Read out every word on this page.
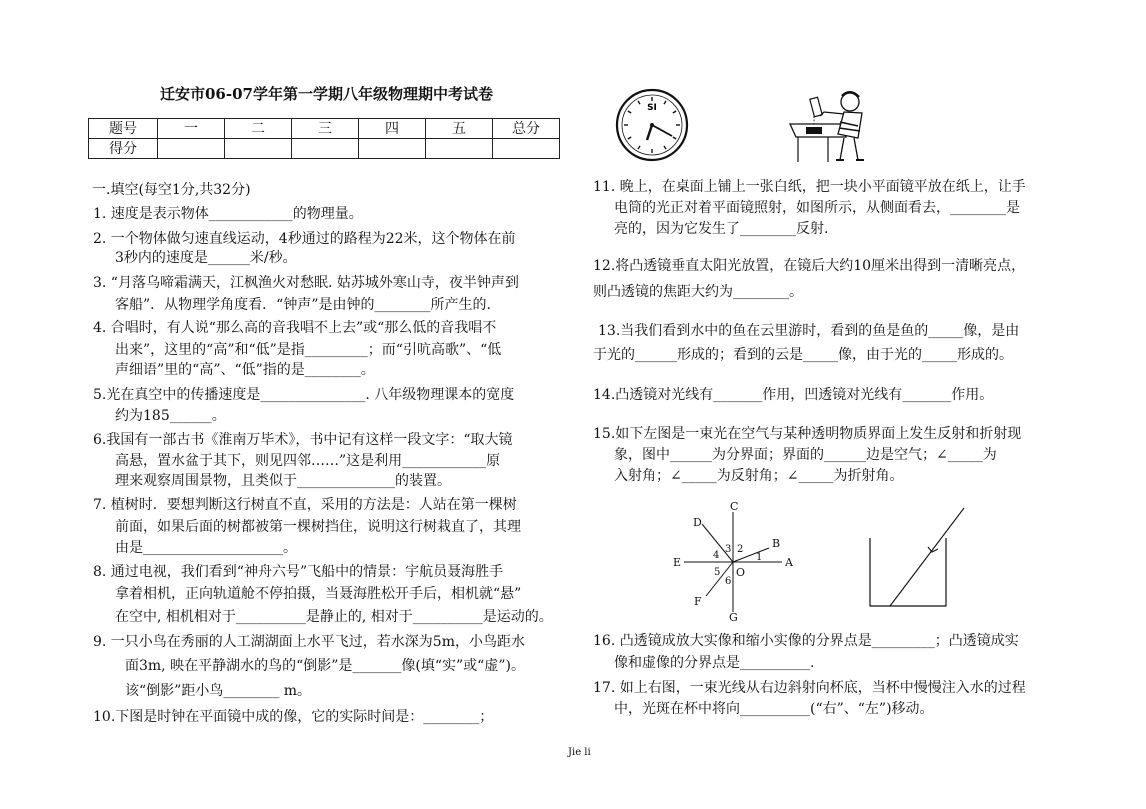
迁安市06-07学年第一学期八年级物理期中考试卷
题号	一	二	三	四	五	总分
得分						
一.填空(每空1分,共32分)
1. 速度是表示物体____________的物理量。
2. 一个物体做匀速直线运动，4秒通过的路程为22米，这个物体在前
3秒内的速度是______米/秒。
3. “月落乌啼霜满天，江枫渔火对愁眠. 姑苏城外寒山寺，夜半钟声到
客船”．从物理学角度看．“钟声”是由钟的________所产生的.
4. 合唱时，有人说“那么高的音我唱不上去”或“那么低的音我唱不
出来”，这里的“高”和“低”是指_________；而“引吭高歌”、“低
声细语”里的“高”、“低”指的是________。
5.光在真空中的传播速度是_______________. 八年级物理课本的宽度
约为185______。
6.我国有一部古书《淮南万毕术》，书中记有这样一段文字：“取大镜
高悬，置水盆于其下，则见四邻……”这是利用____________原
理来观察周围景物，且类似于______________的装置。
7. 植树时．要想判断这行树直不直，采用的方法是：人站在第一棵树
前面，如果后面的树都被第一棵树挡住，说明这行树栽直了，其理
由是____________________。
8. 通过电视，我们看到“神舟六号”飞船中的情景：宇航员聂海胜手
拿着相机，正向轨道舱不停拍摄，当聂海胜松开手后，相机就“悬”
在空中, 相机相对于__________是静止的, 相对于__________是运动的。
9. 一只小鸟在秀丽的人工湖湖面上水平飞过，若水深为5m，小鸟距水
面3m, 映在平静湖水的鸟的“倒影”是_______像(填“实”或“虚”)。
该“倒影”距小鸟________ m。
10.下图是时钟在平面镜中成的像，它的实际时间是：________；
SI
11. 晚上，在桌面上铺上一张白纸，把一块小平面镜平放在纸上，让手
电筒的光正对着平面镜照射，如图所示，从侧面看去，________是
亮的，因为它发生了________反射.
12.将凸透镜垂直太阳光放置，在镜后大约10厘米出得到一清晰亮点，
则凸透镜的焦距大约为________。
13.当我们看到水中的鱼在云里游时，看到的鱼是鱼的_____像，是由
于光的______形成的；看到的云是_____像，由于光的_____形成的。
14.凸透镜对光线有_______作用，凹透镜对光线有_______作用。
15.如下左图是一束光在空气与某种透明物质界面上发生反射和折射现
象，图中______为分界面；界面的______边是空气；∠_____为
入射角；∠_____为反射角；∠_____为折射角。
D
C
B
E	A
F
G
O
3 2
1
4
5
6
16. 凸透镜成放大实像和缩小实像的分界点是_________；凸透镜成实
像和虚像的分界点是__________.
17. 如上右图，一束光线从右边斜射向杯底，当杯中慢慢注入水的过程
中，光斑在杯中将向__________(“右”、“左”)移动。
Jie li
